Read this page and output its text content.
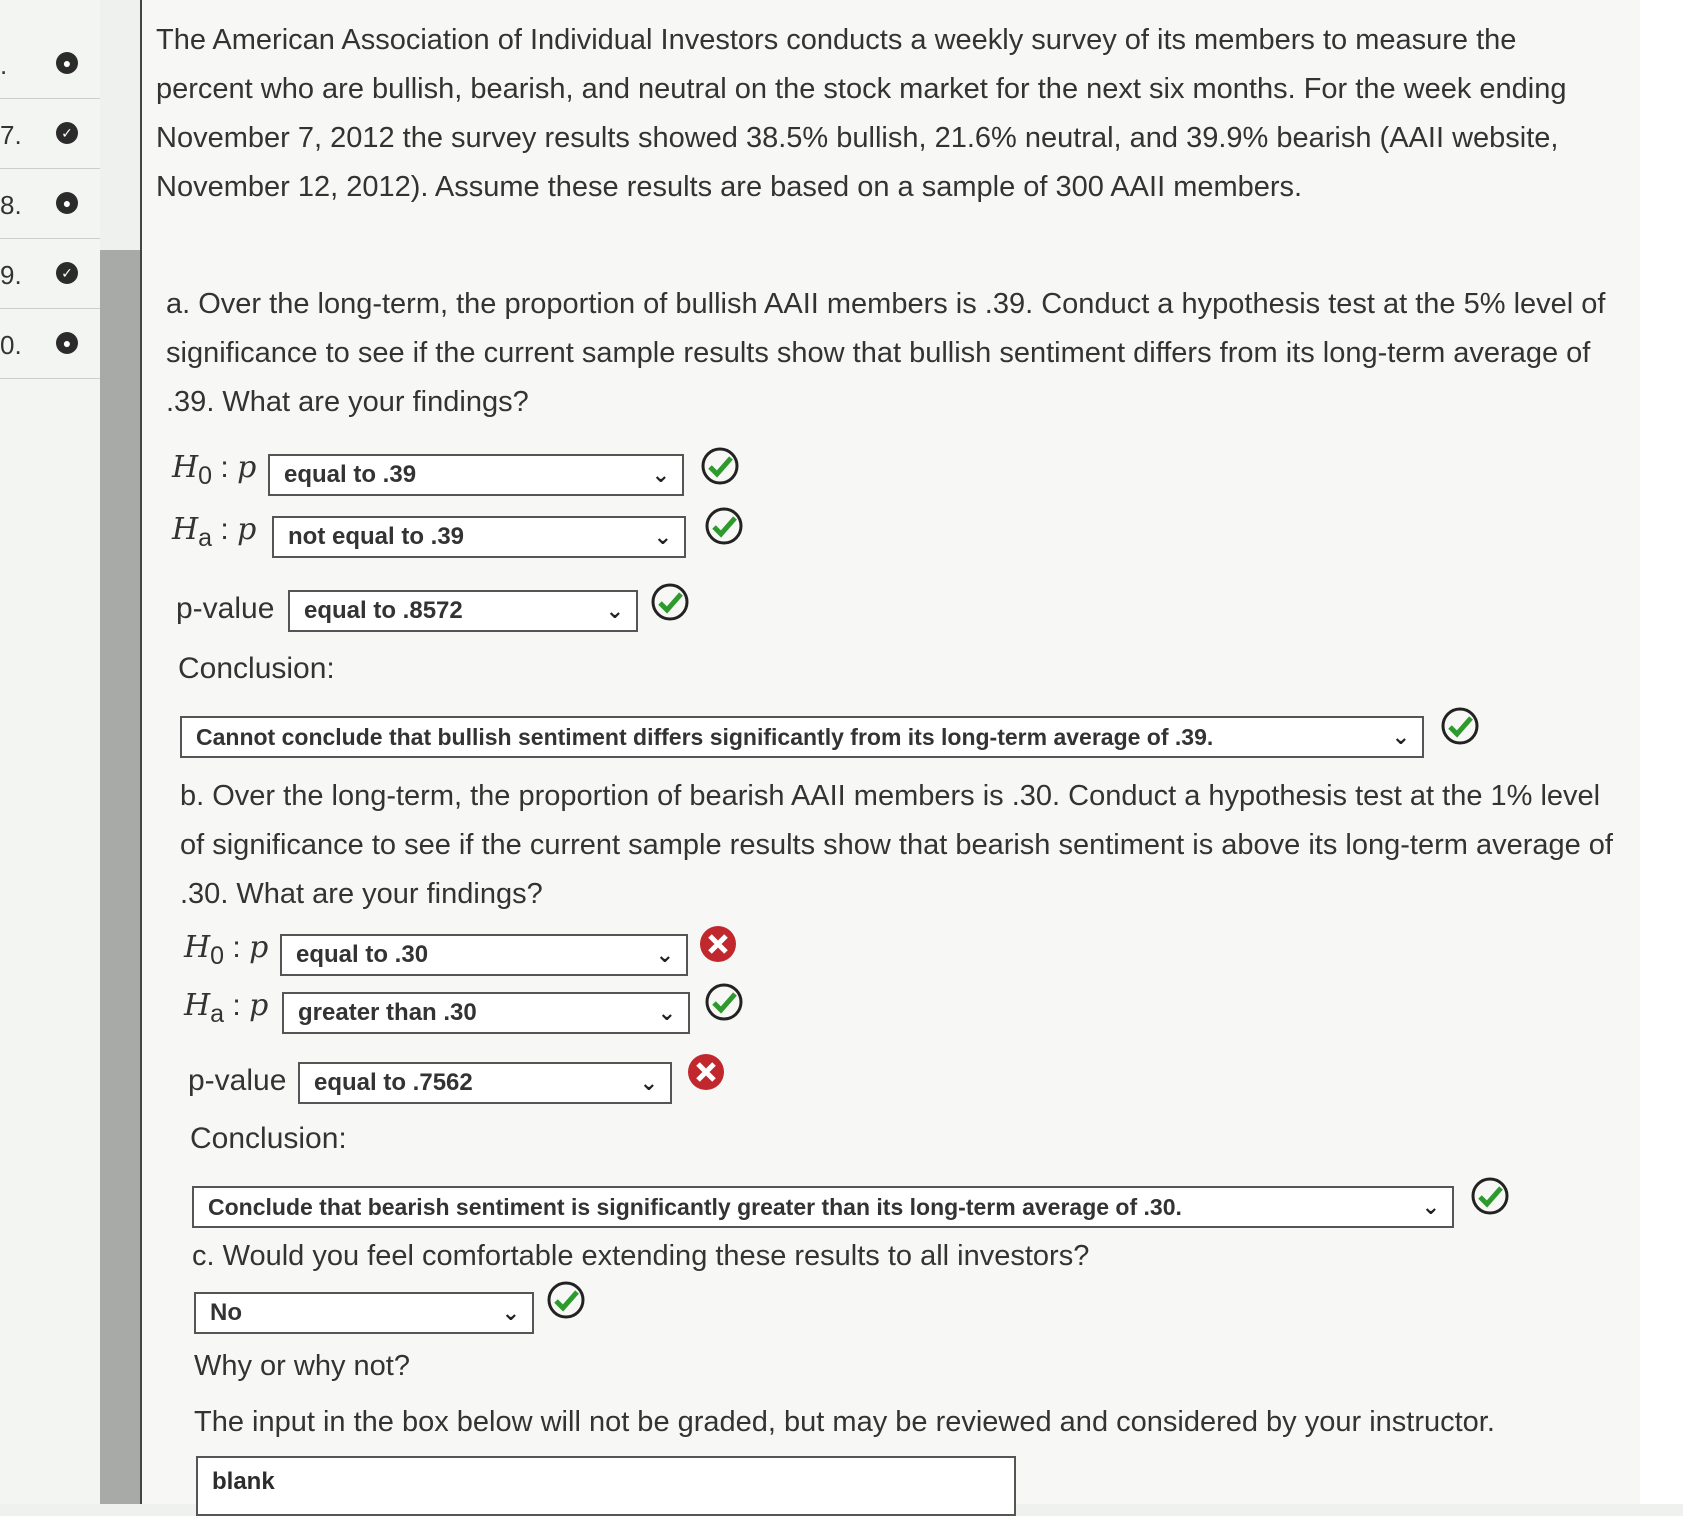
.	●
7.	✓
8.	●
9.	✓
0.	●
The American Association of Individual Investors conducts a weekly survey of its members to measure the percent who are bullish, bearish, and neutral on the stock market for the next six months. For the week ending November 7, 2012 the survey results showed 38.5% bullish, 21.6% neutral, and 39.9% bearish (AAII website, November 12, 2012). Assume these results are based on a sample of 300 AAII members.
a. Over the long-term, the proportion of bullish AAII members is .39. Conduct a hypothesis test at the 5% level of significance to see if the current sample results show that bullish sentiment differs from its long-term average of .39. What are your findings?
$H_0$ : p	equal to .39	⌄
$H_a$ : p	not equal to .39	⌄
p-value	equal to .8572	⌄
Conclusion:
Cannot conclude that bullish sentiment differs significantly from its long-term average of .39.	⌄
b. Over the long-term, the proportion of bearish AAII members is .30. Conduct a hypothesis test at the 1% level of significance to see if the current sample results show that bearish sentiment is above its long-term average of .30. What are your findings?
$H_0$ : p	equal to .30	⌄
$H_a$ : p	greater than .30	⌄
p-value	equal to .7562	⌄
Conclusion:
Conclude that bearish sentiment is significantly greater than its long-term average of .30.	⌄
c. Would you feel comfortable extending these results to all investors?
No	⌄
Why or why not?
The input in the box below will not be graded, but may be reviewed and considered by your instructor.
blank
